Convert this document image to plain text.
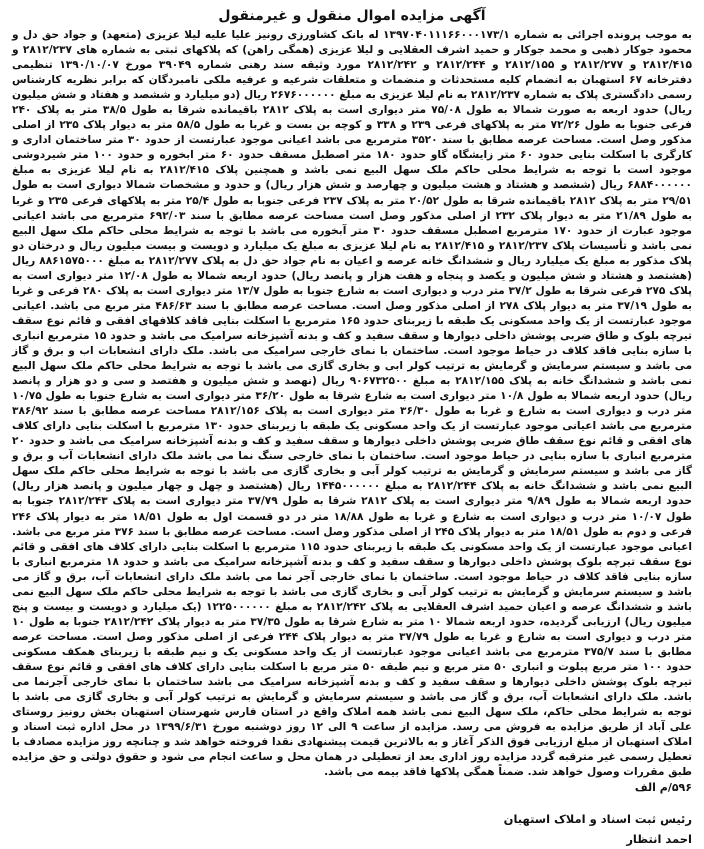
آگهی مزایده اموال منقول و غیرمنقول

به موجب پرونده اجرائی به شماره ۱۳۹۷۰۴۰۱۱۱۶۶۰۰۰۱۷۳/۱ له بانک کشاورزی رونیز علیا علیه لیلا عزیزی (متعهد) و جواد حق دل و محمود جوکار ذهبی و محمد جوکار و حمید اشرف العقلایی و لیلا عزیزی (همگی راهن) که پلاکهای ثبتی به شماره های ۲۸۱۲/۲۳۷ و ۲۸۱۲/۴۱۵ و ۲۸۱۲/۲۷۷ و ۲۸۱۲/۱۵۵ و ۲۸۱۲/۲۴۴ و ۲۸۱۲/۲۴۲ مورد وثیقه سند رهنی شماره ۳۹۰۴۹ مورخ ۱۳۹۰/۱۰/۰۷ تنظیمی دفترخانه ۶۷ استهبان به انضمام کلیه مستحدثات و منضمات و متعلقات شرعیه و عرفیه ملکی نامبردگان که برابر نظریه کارشناس رسمی دادگستری پلاک به شماره ۲۸۱۲/۲۳۷ به نام لیلا عزیزی به مبلغ ۲۶۷۶۰۰۰۰۰۰ ریال (دو میلیارد و ششصد و هفتاد و شش میلیون ریال) حدود اربعه به صورت شمالا به طول ۷۵/۰۸ متر دیواری است به پلاک ۲۸۱۲ باقیمانده شرقا به طول ۳۸/۵ متر به پلاک ۲۴۰ فرعی جنوبا به طول ۷۲/۲۶ متر به پلاکهای فرعی ۲۳۹ و ۳۳۸ و کوچه بن بست و غربا به طول ۵۸/۵ متر به دیوار پلاک ۲۳۵ از اصلی مذکور وصل است. مساحت عرصه مطابق با سند ۳۵۲۰ مترمربع می باشد اعیانی موجود عبارتست از حدود ۳۰ متر ساختمان اداری و کارگری با اسکلت بنایی حدود ۶۰ متر زایشگاه گاو حدود ۱۸۰ متر اصطبل مسقف حدود ۶۰ متر ابخوره و حدود ۱۰۰ متر شیردوشی موجود است با توجه به شرایط محلی حاکم ملک سهل البیع نمی باشد و همچنین پلاک ۲۸۱۲/۴۱۵ به نام لیلا عزیزی به مبلغ ۶۸۸۴۰۰۰۰۰۰ ریال (ششصد و هشتاد و هشت میلیون و چهارصد و شش هزار ریال) و حدود و مشخصات شمالا دیواری است به طول ۲۹/۵۱ متر به پلاک ۲۸۱۲ باقیمانده شرقا به طول ۲۰/۵۲ متر به پلاک ۲۳۷ فرعی جنوبا به طول ۲۵/۴ متر به پلاکهای فرعی ۲۳۵ و غربا به طول ۲۱/۸۹ متر به دیوار پلاک ۲۳۲ از اصلی مذکور وصل است مساحت عرصه مطابق با سند ۶۹۲/۰۳ مترمربع می باشد اعیانی موجود عبارت از حدود ۱۷۰ مترمربع اصطبل مسقف حدود ۳۰ متر آبخوره می باشد با توجه به شرایط محلی حاکم ملک سهل البیع نمی باشد و تأسیسات پلاک ۲۸۱۲/۲۳۷ و ۲۸۱۲/۴۱۵ به نام لیلا عزیزی به مبلغ یک میلیارد و دویست و بیست میلیون ریال و درختان دو پلاک مذکور به مبلغ یک میلیارد ریال و ششدانگ خانه عرصه و اعیان به نام جواد حق دل به پلاک ۲۸۱۲/۲۷۷ به مبلغ ۸۸۶۱۵۷۵۰۰۰ ریال (هشتصد و هشتاد و شش میلیون و یکصد و پنجاه و هفت هزار و پانصد ریال) حدود اربعه شمالا به طول ۱۲/۰۸ متر دیواری است به پلاک ۲۷۵ فرعی شرقا به طول ۳۷/۲ متر درب و دیواری است به شارع جنوبا به طول ۱۳/۷ متر دیواری است به پلاک ۲۸۰ فرعی و غربا به طول ۳۷/۱۹ متر به دیوار پلاک ۲۷۸ از اصلی مذکور وصل است. مساحت عرصه مطابق با سند ۴۸۶/۶۳ متر مربع می باشد. اعیانی موجود عبارتست از یک واحد مسکونی یک طبقه با زیربنای حدود ۱۶۵ مترمربع با اسکلت بنایی فاقد کلافهای افقی و قائم نوع سقف تیرچه بلوک و طاق ضربی پوشش داخلی دیوارها و سقف سفید و کف و بدنه آشپزخانه سرامیک می باشد و حدود ۱۵ مترمربع انباری با سازه بنایی فاقد کلاف در حیاط موجود است. ساختمان با نمای خارجی سرامیک می باشد. ملک دارای انشعابات اب و برق و گاز می باشد و سیستم سرمایش و گرمایش به ترتیب کولر ابی و بخاری گازی می باشد با توجه به شرایط محلی حاکم ملک سهل البیع نمی باشد و ششدانگ خانه به پلاک ۲۸۱۲/۱۵۵ به مبلغ ۹۰۶۷۳۲۵۰۰ ریال (نهصد و شش میلیون و هفتصد و سی و دو هزار و پانصد ریال) حدود اربعه شمالا به طول ۱۰/۸ متر دیواری است به شارع شرقا به طول ۳۶/۲۰ متر دیواری است به شارع جنوبا به طول ۱۰/۷۵ متر درب و دیواری است به شارع و غربا به طول ۳۶/۳۰ متر دیواری است به پلاک ۲۸۱۲/۱۵۶ مساحت عرصه مطابق با سند ۳۸۶/۹۲ مترمربع می باشد اعیانی موجود عبارتست از یک واحد مسکونی یک طبقه با زیربنای حدود ۱۳۰ مترمربع با اسکلت بنایی دارای کلاف های افقی و قائم نوع سقف طاق ضربی پوشش داخلی دیوارها و سقف سفید و کف و بدنه آشپزخانه سرامیک می باشد و حدود ۲۰ مترمربع انباری با سازه بنایی در حیاط موجود است. ساختمان با نمای خارجی سنگ نما می باشد ملک دارای انشعابات آب و برق و گاز می باشد و سیستم سرمایش و گرمایش به ترتیب کولر آبی و بخاری گازی می باشد با توجه به شرایط محلی حاکم ملک سهل البیع نمی باشد و ششدانگ خانه به پلاک ۲۸۱۲/۲۴۴ به مبلغ ۱۴۴۵۰۰۰۰۰۰ ریال (هشتصد و چهل و چهار میلیون و پانصد هزار ریال) حدود اربعه شمالا به طول ۹/۸۹ متر دیواری است به پلاک ۲۸۱۲ شرقا به طول ۳۷/۷۹ متر دیواری است به پلاک ۲۸۱۲/۲۴۳ جنوبا به طول ۱۰/۰۷ متر درب و دیواری است به شارع و غربا به طول ۱۸/۸۸ متر در دو قسمت اول به طول ۱۸/۵۱ متر به دیوار پلاک ۲۴۶ فرعی و دوم به طول ۱۸/۵۱ متر به دیوار پلاک ۲۴۵ از اصلی مذکور وصل است. مساحت عرصه مطابق با سند ۳۷۶ متر مربع می باشد. اعیانی موجود عبارتست از یک واحد مسکونی یک طبقه با زیربنای حدود ۱۱۵ مترمربع با اسکلت بنایی دارای کلاف های افقی و قائم نوع سقف تیرچه بلوک پوشش داخلی دیوارها و سقف سفید و کف و بدنه آشپزخانه سرامیک می باشد و حدود ۱۸ مترمربع انباری با سازه بنایی فاقد کلاف در حیاط موجود است. ساختمان با نمای خارجی آجر نما می باشد ملک دارای انشعابات آب، برق و گاز می باشد و سیستم سرمایش و گرمایش به ترتیب کولر آبی و بخاری گازی می باشد با توجه به شرایط محلی حاکم ملک سهل البیع نمی باشد و ششدانگ عرصه و اعیان حمید اشرف العقلایی به پلاک ۲۸۱۲/۲۴۲ به مبلغ ۱۲۲۵۰۰۰۰۰۰ (یک میلیارد و دویست و بیست و پنج میلیون ریال) ارزیابی گردیده، حدود اربعه شمالا ۱۰ متر به شارع شرقا به طول ۳۷/۳۵ متر به دیوار پلاک ۲۸۱۲/۲۴۲ جنوبا به طول ۱۰ متر درب و دیواری است به شارع و غربا به طول ۳۷/۷۹ متر به دیوار پلاک ۲۴۴ فرعی از اصلی مذکور وصل است. مساحت عرصه مطابق با سند ۳۷۵/۷ مترمربع می باشد اعیانی موجود عبارتست از یک واحد مسکونی یک و نیم طبقه با زیربنای همکف مسکونی حدود ۱۰۰ متر مربع پیلوت و انباری ۵۰ متر مربع و نیم طبقه ۵۰ متر مربع با اسکلت بنایی دارای کلاف های افقی و قائم نوع سقف تیرچه بلوک پوشش داخلی دیوارها و سقف سفید و کف و بدنه آشپزخانه سرامیک می باشد ساختمان با نمای خارجی آجرنما می باشد. ملک دارای انشعابات آب، برق و گاز می باشد و سیستم سرمایش و گرمایش به ترتیب کولر آبی و بخاری گازی می باشد با توجه به شرایط محلی حاکم، ملک سهل البیع نمی باشد همه املاک واقع در استان فارس شهرستان استهبان بخش رونیز روستای علی آباد از طریق مزایده به فروش می رسد. مزایده از ساعت ۹ الی ۱۲ روز دوشنبه مورخ ۱۳۹۹/۶/۳۱ در محل اداره ثبت اسناد و املاک استهبان از مبلغ ارزیابی فوق الذکر آغاز و به بالاترین قیمت پیشنهادی نقدا فروخته خواهد شد و چنانچه روز مزایده مصادف با تعطیل رسمی غیر مترقبه گردد مزایده روز اداری بعد از تعطیلی در همان محل و ساعت انجام می شود و حقوق دولتی و حق مزایده طبق مقررات وصول خواهد شد. ضمناً همگی پلاکها فاقد بیمه می باشد.

۵۹۶/م الف
رئیس ثبت اسناد و املاک استهبان
احمد انتظار
